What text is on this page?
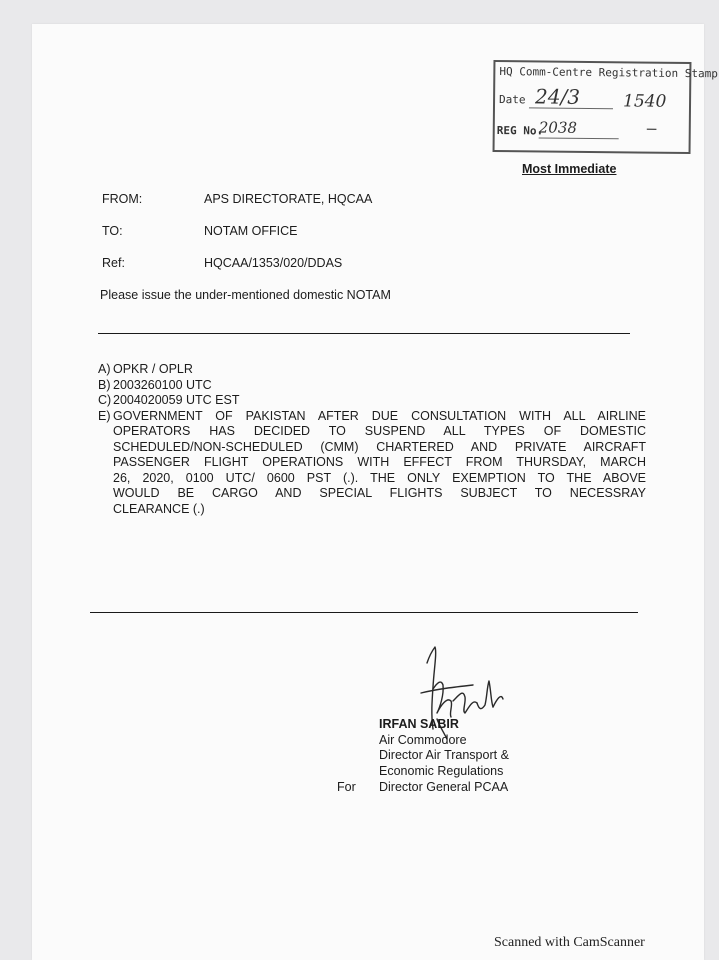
HQ Comm-Centre Registration Stamp
Date 24/3	1540
REG No.
2038	—
Most Immediate
FROM:	APS DIRECTORATE, HQCAA
TO:	NOTAM OFFICE
Ref:	HQCAA/1353/020/DDAS
Please issue the under-mentioned domestic NOTAM
A) OPKR / OPLR
B) 2003260100 UTC
C) 2004020059 UTC EST
E) GOVERNMENT OF PAKISTAN AFTER DUE CONSULTATION WITH ALL AIRLINE
OPERATORS HAS DECIDED TO SUSPEND ALL TYPES OF DOMESTIC
SCHEDULED/NON-SCHEDULED (CMM) CHARTERED AND PRIVATE AIRCRAFT
PASSENGER FLIGHT OPERATIONS WITH EFFECT FROM THURSDAY, MARCH
26, 2020, 0100 UTC/ 0600 PST (.). THE ONLY EXEMPTION TO THE ABOVE
WOULD BE CARGO AND SPECIAL FLIGHTS SUBJECT TO NECESSRAY
CLEARANCE (.)
IRFAN SABIR
Air Commodore
Director Air Transport &
Economic Regulations
Director General PCAA
For
Scanned with CamScanner
